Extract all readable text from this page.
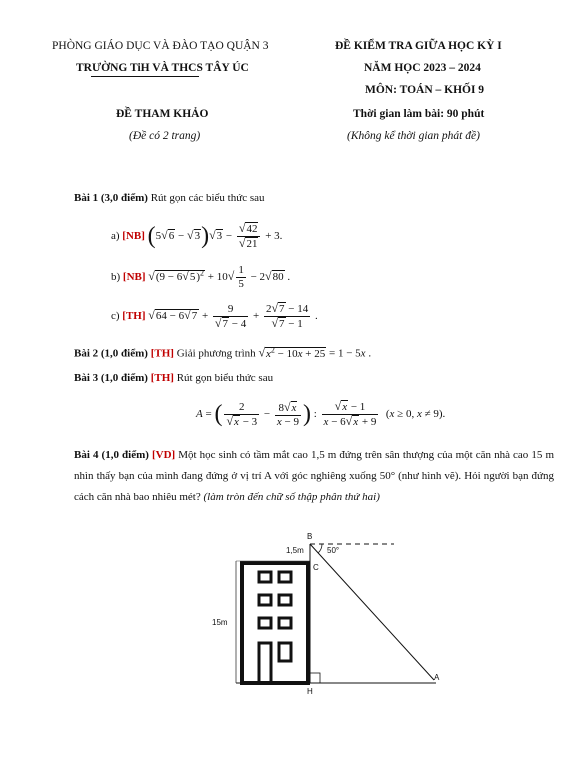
PHÒNG GIÁO DỤC VÀ ĐÀO TẠO QUẬN 3
TRƯỜNG TiH VÀ THCS TÂY ÚC
ĐỀ THAM KHẢO
(Đề có 2 trang)
ĐỀ KIỂM TRA GIỮA HỌC KỲ I
NĂM HỌC 2023 – 2024
MÔN: TOÁN – KHỐI 9
Thời gian làm bài: 90 phút
(Không kể thời gian phát đề)
Bài 1 (3,0 điểm) Rút gọn các biểu thức sau
a) [NB] $(5√6 - √3)√3 - \frac{√42}{√21} + 3$.
b) [NB] $√(9 - 6√5)^2 + 10√ \frac{1}{5} - 2√80$ .
c) [TH] $√64 - 6√7 + \frac{9}{√7 - 4} + \frac{2√7 - 14}{√7 - 1}$ .
Bài 2 (1,0 điểm) [TH] Giải phương trình $√x^2 - 10x + 25 = 1 - 5x$ .
Bài 3 (1,0 điểm) [TH] Rút gọn biểu thức sau
A = ( $\frac{2}{√x - 3} - \frac{8√x}{x - 9}$ ) : $\frac{√x - 1}{x - 6√x + 9} (x \ge 0$, x ≠ 9).
Bài 4 (1,0 điểm) [VD] Một học sinh có tầm mắt cao 1,5 m đứng trên sân thượng của một căn nhà cao 15 m nhìn thấy bạn của mình đang đứng ở vị trí A với góc nghiêng xuống 50° (như hình vẽ). Hỏi người bạn đứng cách căn nhà bao nhiêu mét? (làm tròn đến chữ số thập phân thứ hai)
B
C
H
A
1,5m	50°
15m
